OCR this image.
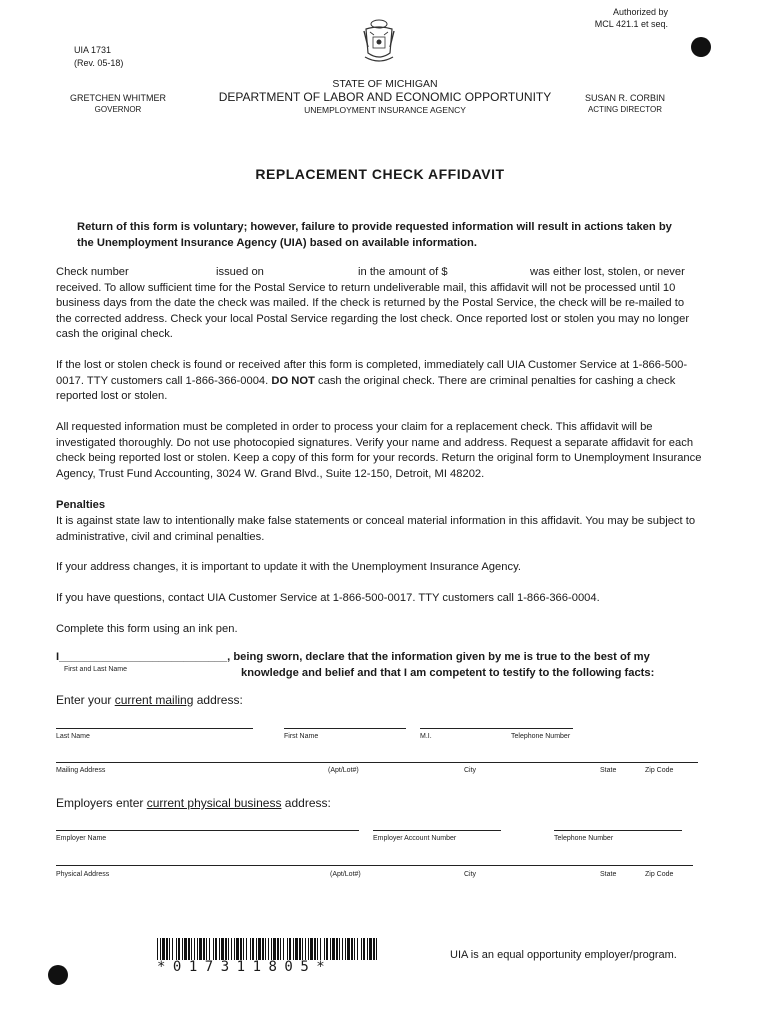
Authorized by
MCL 421.1 et seq.
UIA 1731
(Rev. 05-18)
STATE OF MICHIGAN
DEPARTMENT OF LABOR AND ECONOMIC OPPORTUNITY
UNEMPLOYMENT INSURANCE AGENCY
GRETCHEN WHITMER
GOVERNOR
SUSAN R. CORBIN
ACTING DIRECTOR
REPLACEMENT CHECK AFFIDAVIT
Return of this form is voluntary; however, failure to provide requested information will result in actions taken by the Unemployment Insurance Agency (UIA) based on available information.
Check number	issued on	in the amount of $	was either lost, stolen, or never
received. To allow sufficient time for the Postal Service to return undeliverable mail, this affidavit will not be processed until 10 business days from the date the check was mailed. If the check is returned by the Postal Service, the check will be re-mailed to the corrected address. Check your local Postal Service regarding the lost check. Once reported lost or stolen you may no longer cash the original check.
If the lost or stolen check is found or received after this form is completed, immediately call UIA Customer Service at 1-866-500-0017. TTY customers call 1-866-366-0004. DO NOT cash the original check. There are criminal penalties for cashing a check reported lost or stolen.
All requested information must be completed in order to process your claim for a replacement check. This affidavit will be investigated thoroughly. Do not use photocopied signatures. Verify your name and address. Request a separate affidavit for each check being reported lost or stolen. Keep a copy of this form for your records. Return the original form to Unemployment Insurance Agency, Trust Fund Accounting, 3024 W. Grand Blvd., Suite 12-150, Detroit, MI 48202.
Penalties
It is against state law to intentionally make false statements or conceal material information in this affidavit. You may be subject to administrative, civil and criminal penalties.
If your address changes, it is important to update it with the Unemployment Insurance Agency.
If you have questions, contact UIA Customer Service at 1-866-500-0017. TTY customers call 1-866-366-0004.
Complete this form using an ink pen.
I___________________________, being sworn, declare that the information given by me is true to the best of my
knowledge and belief and that I am competent to testify to the following facts:
First and Last Name
Enter your current mailing address:
Last Name	First Name	M.I.	Telephone Number
Mailing Address	(Apt/Lot#)	City	State	Zip Code
Employers enter current physical business address:
Employer Name	Employer Account Number	Telephone Number
Physical Address	(Apt/Lot#)	City	State	Zip Code
*017311805*
UIA is an equal opportunity employer/program.
